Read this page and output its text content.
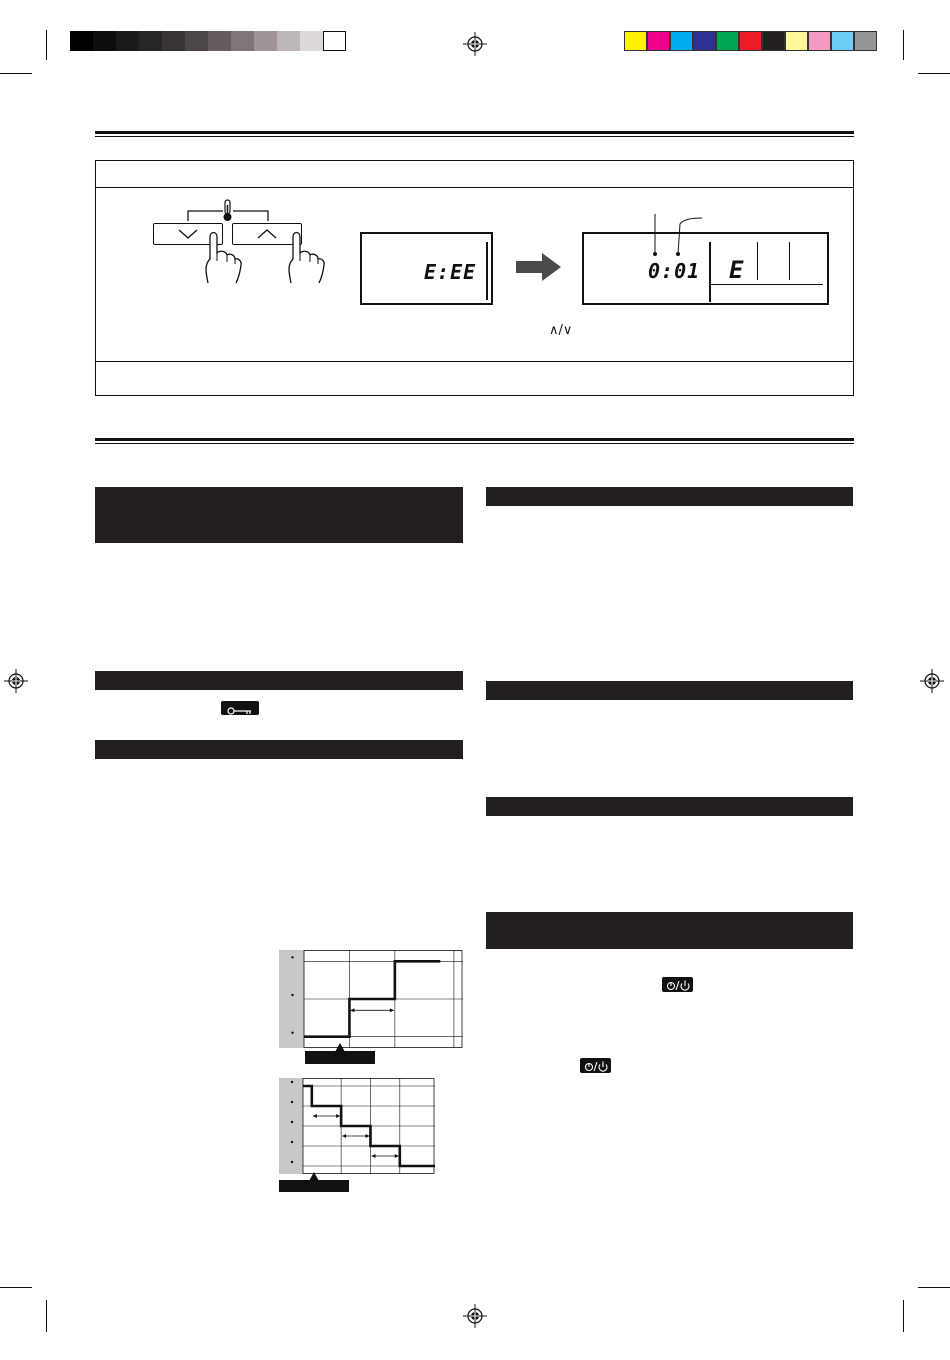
E:EE	0:01 E
∧/∨
